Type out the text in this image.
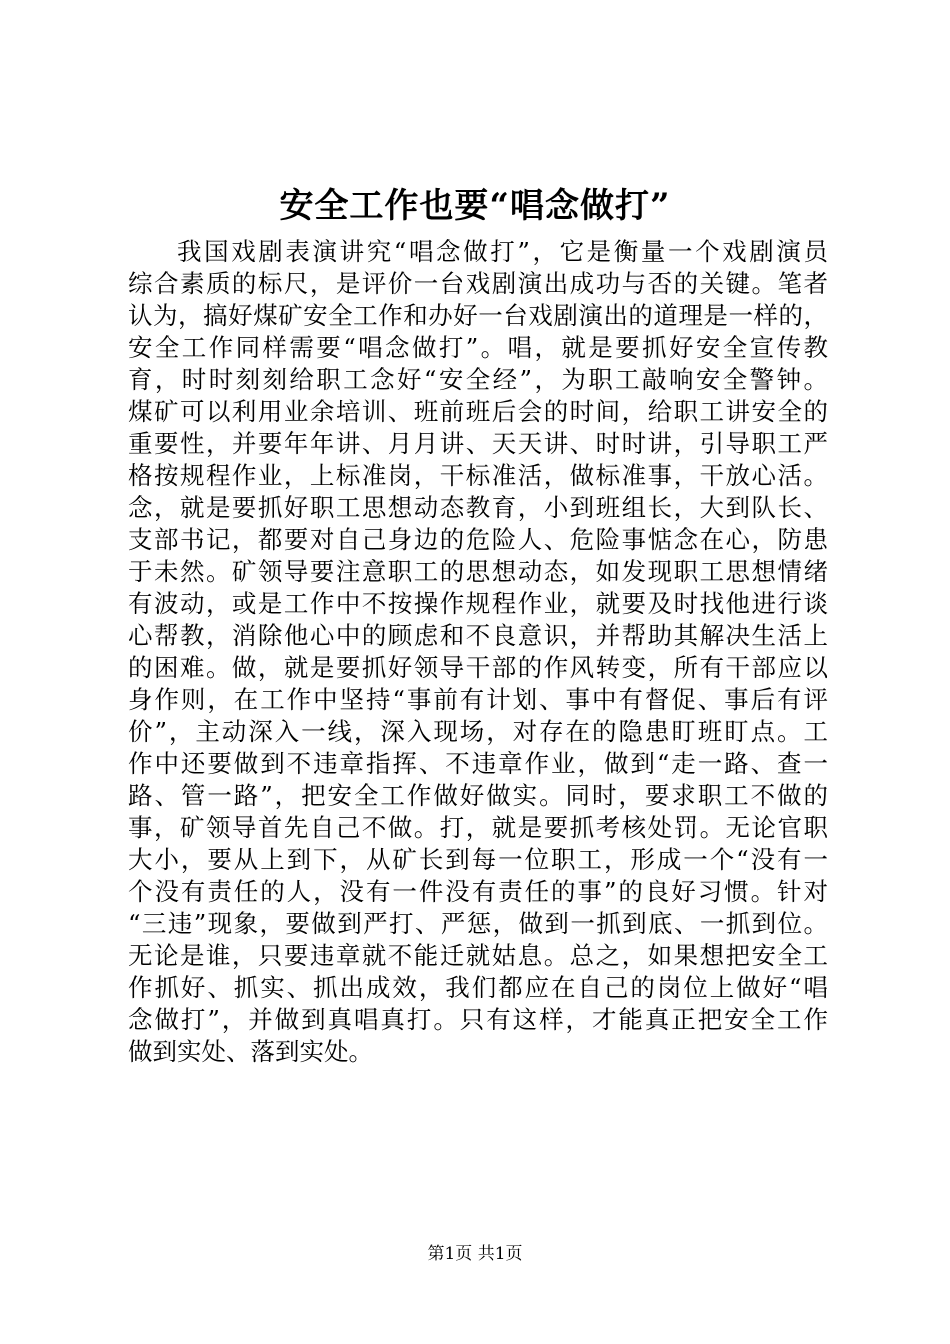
安全工作也要“唱念做打”
我国戏剧表演讲究“唱念做打”，它是衡量一个戏剧演员
综合素质的标尺，是评价一台戏剧演出成功与否的关键。笔者
认为，搞好煤矿安全工作和办好一台戏剧演出的道理是一样的，
安全工作同样需要“唱念做打”。唱，就是要抓好安全宣传教
育，时时刻刻给职工念好“安全经”，为职工敲响安全警钟。
煤矿可以利用业余培训、班前班后会的时间，给职工讲安全的
重要性，并要年年讲、月月讲、天天讲、时时讲，引导职工严
格按规程作业，上标准岗，干标准活，做标准事，干放心活。
念，就是要抓好职工思想动态教育，小到班组长，大到队长、
支部书记，都要对自己身边的危险人、危险事惦念在心，防患
于未然。矿领导要注意职工的思想动态，如发现职工思想情绪
有波动，或是工作中不按操作规程作业，就要及时找他进行谈
心帮教，消除他心中的顾虑和不良意识，并帮助其解决生活上
的困难。做，就是要抓好领导干部的作风转变，所有干部应以
身作则，在工作中坚持“事前有计划、事中有督促、事后有评
价”，主动深入一线，深入现场，对存在的隐患盯班盯点。工
作中还要做到不违章指挥、不违章作业，做到“走一路、查一
路、管一路”，把安全工作做好做实。同时，要求职工不做的
事，矿领导首先自己不做。打，就是要抓考核处罚。无论官职
大小，要从上到下，从矿长到每一位职工，形成一个“没有一
个没有责任的人，没有一件没有责任的事”的良好习惯。针对
“三违”现象，要做到严打、严惩，做到一抓到底、一抓到位。
无论是谁，只要违章就不能迁就姑息。总之，如果想把安全工
作抓好、抓实、抓出成效，我们都应在自己的岗位上做好“唱
念做打”，并做到真唱真打。只有这样，才能真正把安全工作
做到实处、落到实处。
第1页 共1页
